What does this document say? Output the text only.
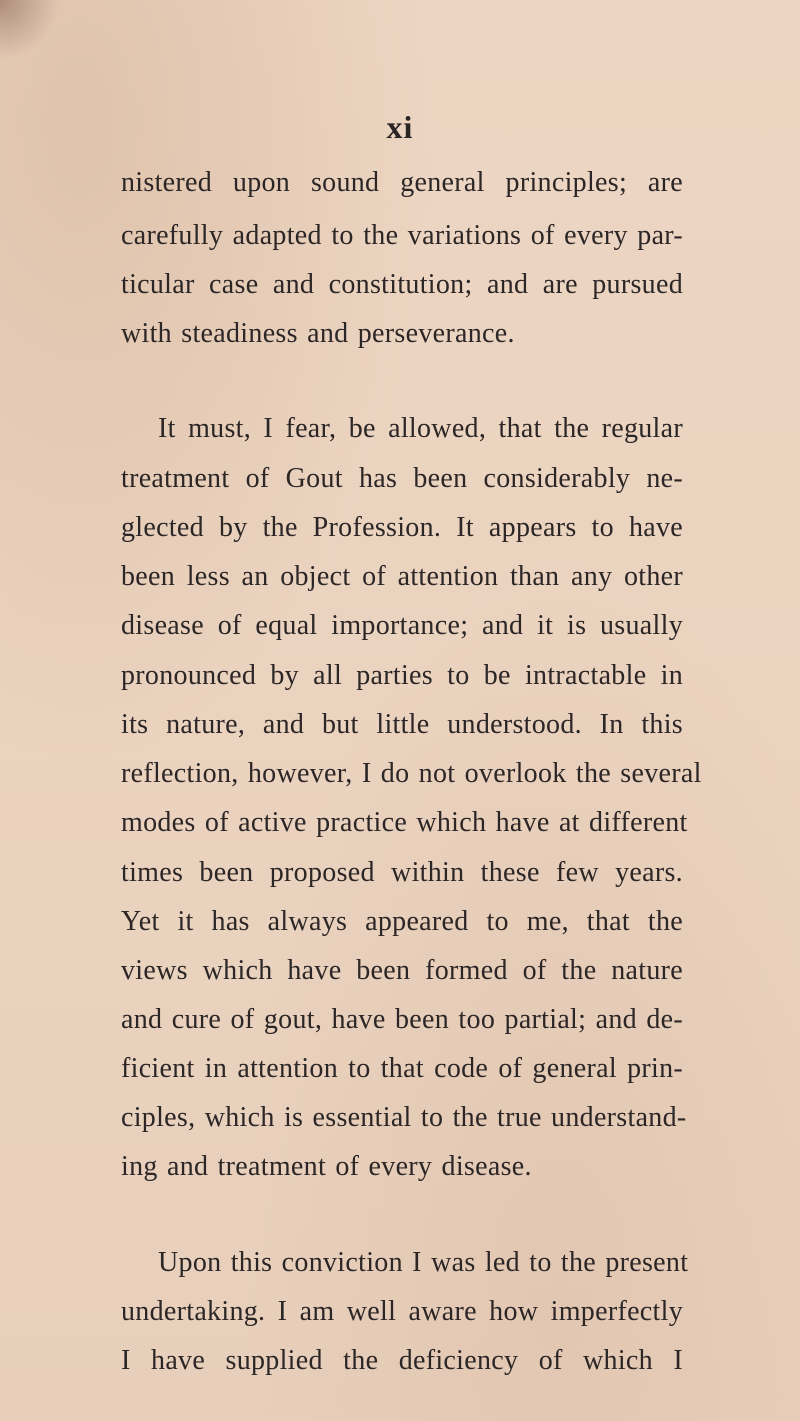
xi
nistered upon sound general principles; are
carefully adapted to the variations of every par-
ticular case and constitution; and are pursued
with steadiness and perseverance.
It must, I fear, be allowed, that the regular
treatment of Gout has been considerably ne-
glected by the Profession. It appears to have
been less an object of attention than any other
disease of equal importance; and it is usually
pronounced by all parties to be intractable in
its nature, and but little understood. In this
reflection, however, I do not overlook the several
modes of active practice which have at different
times been proposed within these few years.
Yet it has always appeared to me, that the
views which have been formed of the nature
and cure of gout, have been too partial; and de-
ficient in attention to that code of general prin-
ciples, which is essential to the true understand-
ing and treatment of every disease.
Upon this conviction I was led to the present
undertaking. I am well aware how imperfectly
I have supplied the deficiency of which I
